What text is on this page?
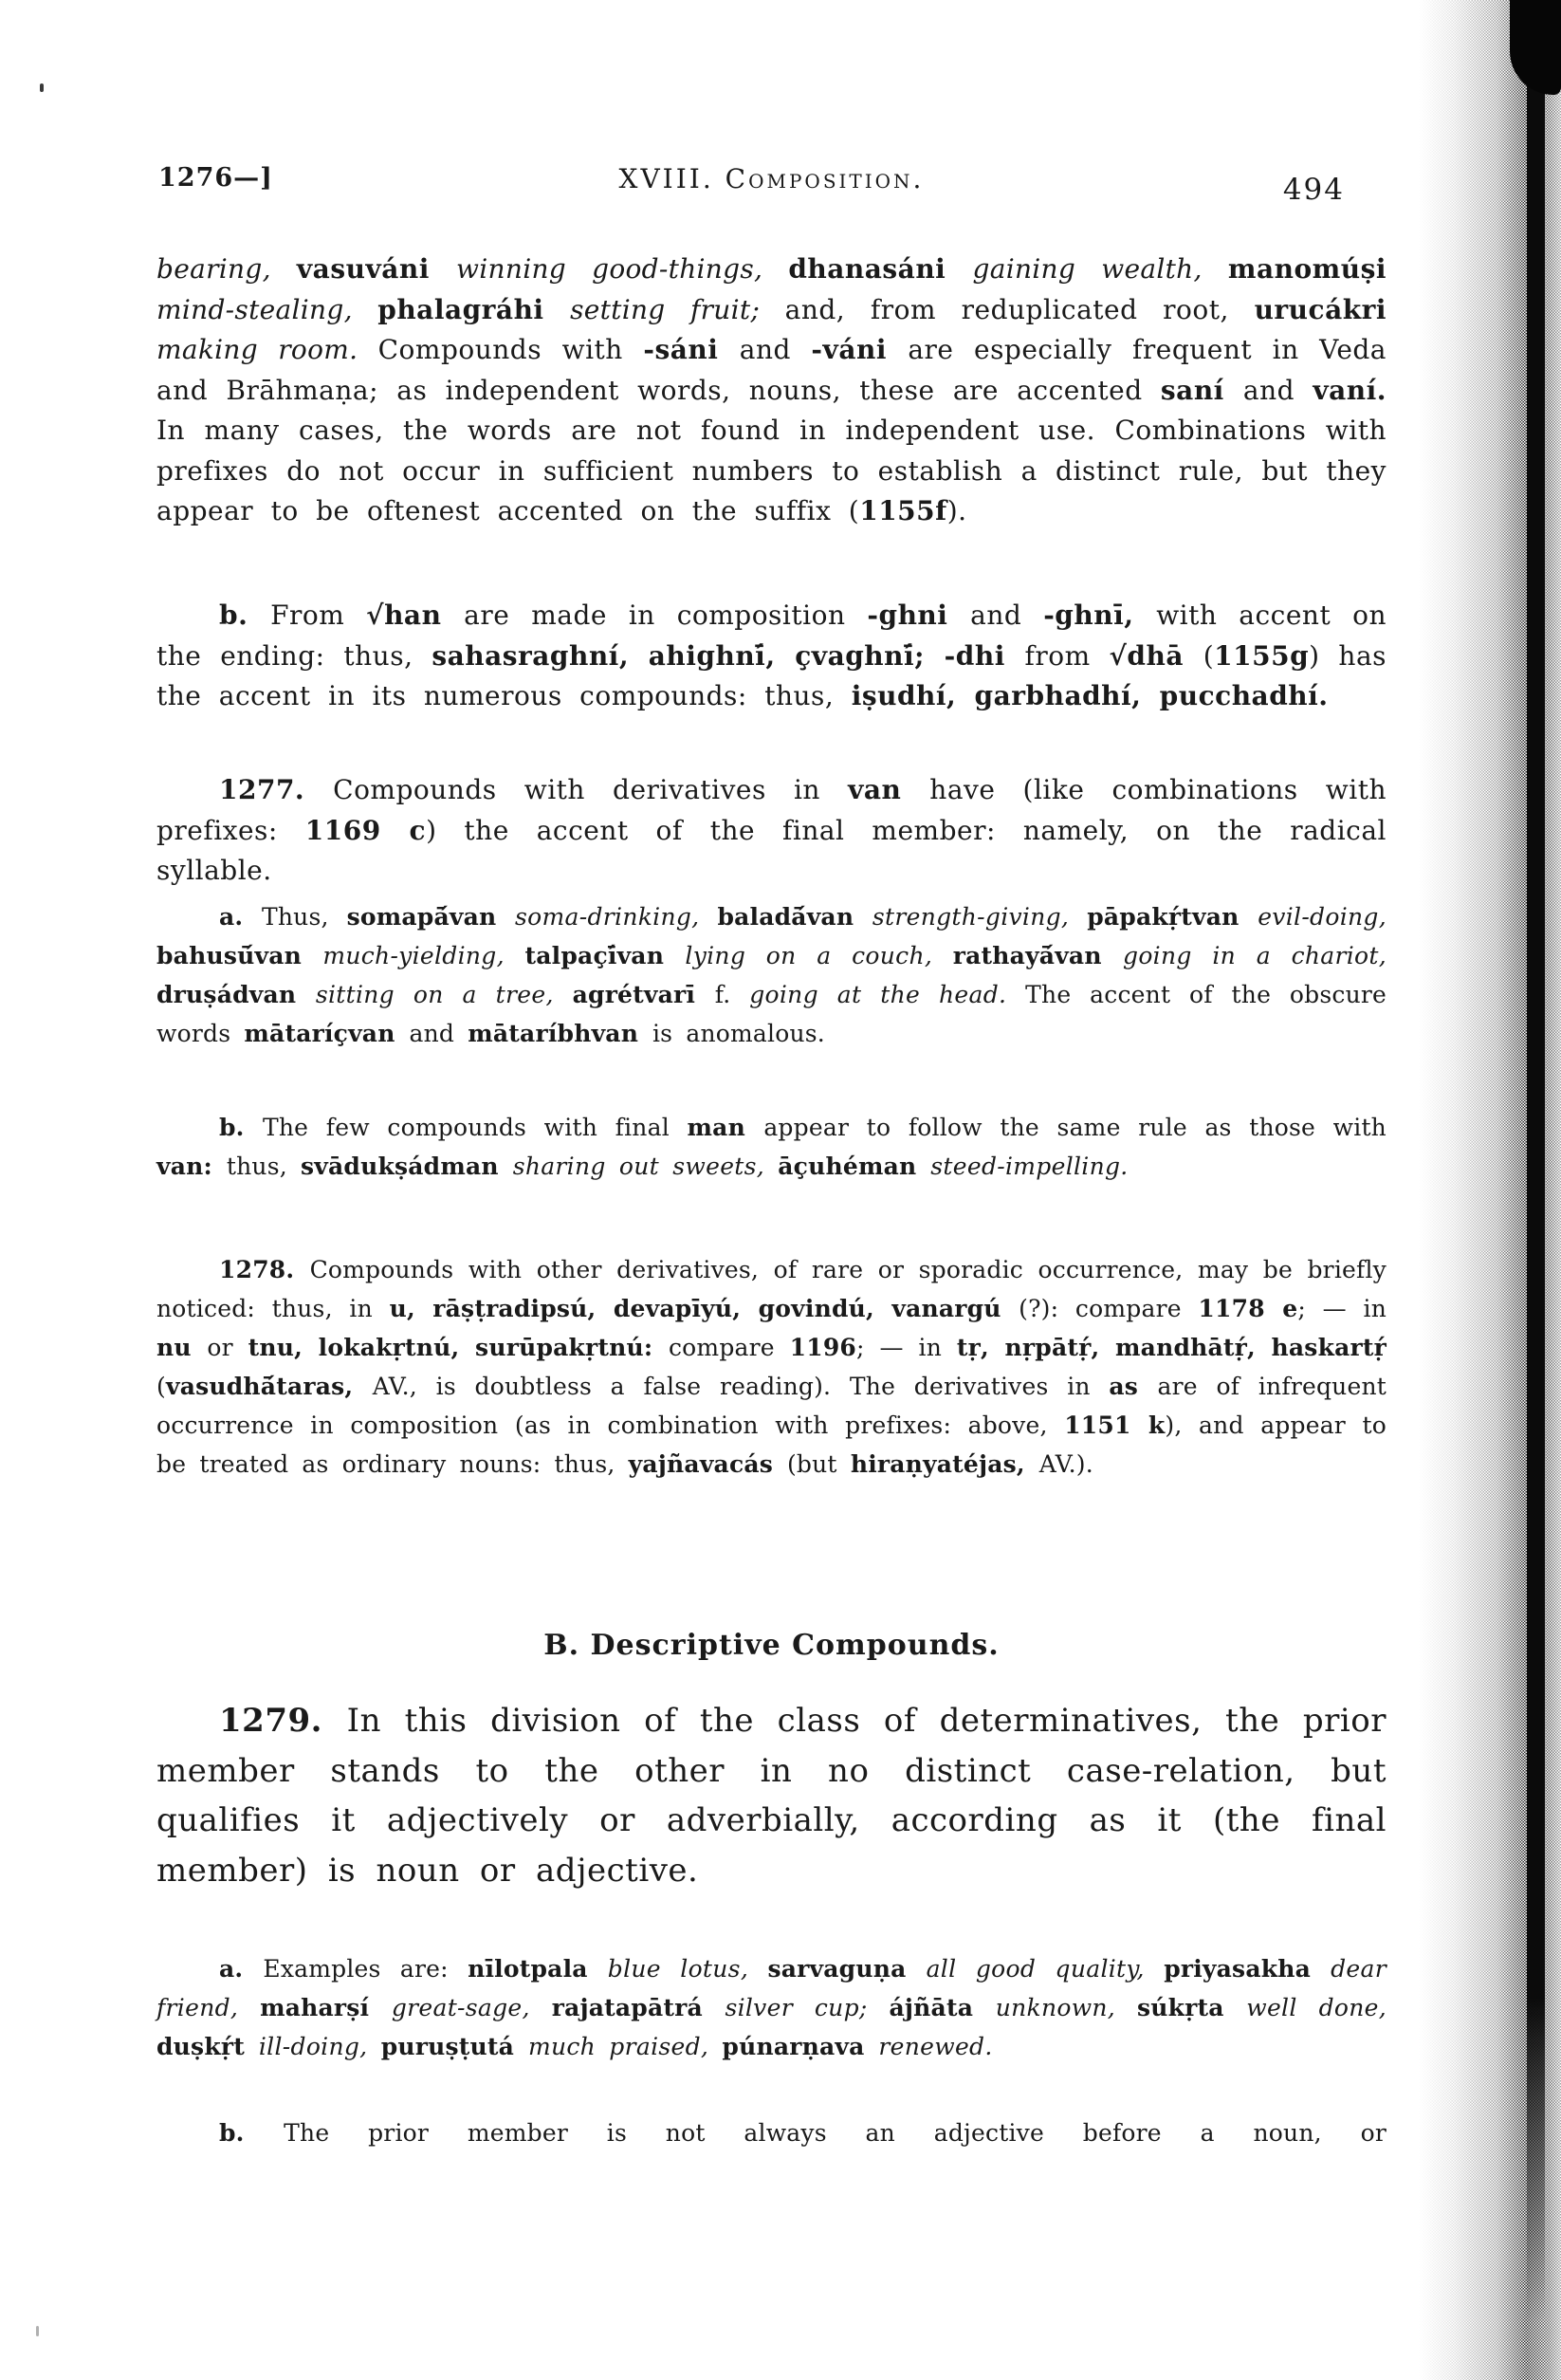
1276—]	XVIII. Composition.	494
bearing, vasuváni winning good-things, dhanasáni gaining wealth, manomúṣi mind-stealing, phalagráhi setting fruit; and, from reduplicated root, urucákri making room. Compounds with -sáni and -váni are especially frequent in Veda and Brāhmaṇa; as independent words, nouns, these are accented saní and vaní. In many cases, the words are not found in independent use. Combinations with prefixes do not occur in sufficient numbers to establish a distinct rule, but they appear to be oftenest accented on the suffix (1155f).
b. From √han are made in composition -ghni and -ghnī, with accent on the ending: thus, sahasraghní, ahighnī́, çvaghnī́; -dhi from √dhā (1155g) has the accent in its numerous compounds: thus, iṣudhí, garbhadhí, pucchadhí.
1277. Compounds with derivatives in van have (like combinations with prefixes: 1169 c) the accent of the final member: namely, on the radical syllable.
a. Thus, somapā́van soma-drinking, baladā́van strength-giving, pāpakṛ́tvan evil-doing, bahusū́van much-yielding, talpaçī́van lying on a couch, rathayā́van going in a chariot, druṣádvan sitting on a tree, agrétvarī f. going at the head. The accent of the obscure words mātaríçvan and mātaríbhvan is anomalous.
b. The few compounds with final man appear to follow the same rule as those with van: thus, svādukṣádman sharing out sweets, āçuhéman steed-impelling.
1278. Compounds with other derivatives, of rare or sporadic occurrence, may be briefly noticed: thus, in u, rāṣṭradipsú, devapīyú, govindú, vanargú (?): compare 1178 e; — in nu or tnu, lokakṛtnú, surūpakṛtnú: compare 1196; — in tṛ, nṛpātṛ́, mandhātṛ́, haskartṛ́ (vasudhā́taras, AV., is doubtless a false reading). The derivatives in as are of infrequent occurrence in composition (as in combination with prefixes: above, 1151 k), and appear to be treated as ordinary nouns: thus, yajñavacás (but hiraṇyatéjas, AV.).
B. Descriptive Compounds.
1279. In this division of the class of determinatives, the prior member stands to the other in no distinct case-relation, but qualifies it adjectively or adverbially, according as it (the final member) is noun or adjective.
a. Examples are: nīlotpala blue lotus, sarvaguṇa all good quality, priyasakha dear friend, maharṣí great-sage, rajatapātrá silver cup; ájñāta unknown, súkṛta well done, duṣkṛ́t ill-doing, puruṣṭutá much praised, púnarṇava renewed.
b. The prior member is not always an adjective before a noun, or
